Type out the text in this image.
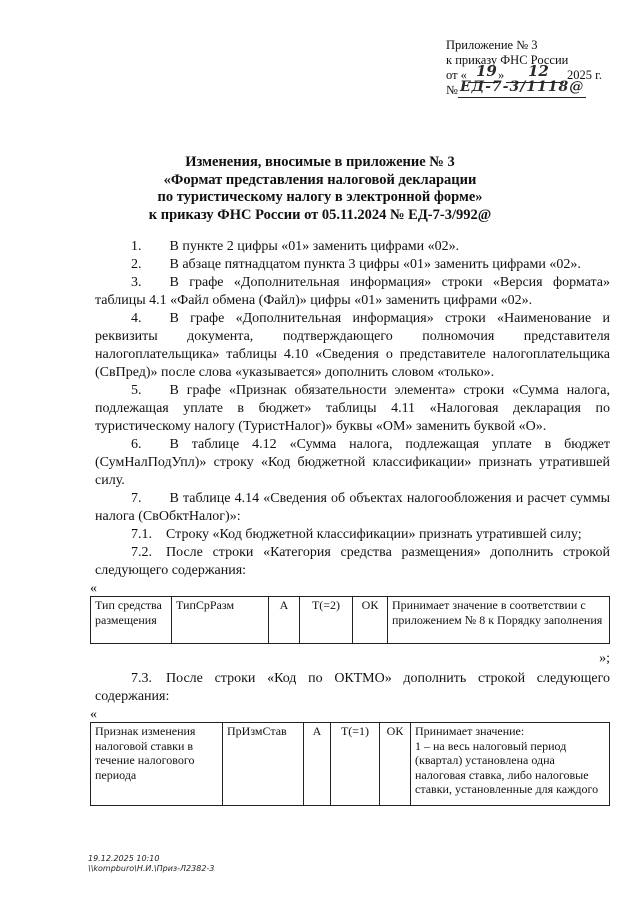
Приложение № 3
к приказу ФНС России
от « 19 » 12 2025 г.
№ ЕД-7-3/1118@
Изменения, вносимые в приложение № 3
«Формат представления налоговой декларации
по туристическому налогу в электронной форме»
к приказу ФНС России от 05.11.2024 № ЕД-7-3/992@

1.  В пункте 2 цифры «01» заменить цифрами «02».

2.  В абзаце пятнадцатом пункта 3 цифры «01» заменить цифрами «02».

3.  В графе «Дополнительная информация» строки «Версия формата» таблицы 4.1 «Файл обмена (Файл)» цифры «01» заменить цифрами «02».

4.  В графе «Дополнительная информация» строки «Наименование и реквизиты документа, подтверждающего полномочия представителя налогоплательщика» таблицы 4.10 «Сведения о представителе налогоплательщика (СвПред)» после слова «указывается» дополнить словом «только».

5.  В графе «Признак обязательности элемента» строки «Сумма налога, подлежащая уплате в бюджет» таблицы 4.11 «Налоговая декларация по туристическому налогу (ТуристНалог)» буквы «ОМ» заменить буквой «О».

6.  В таблице 4.12 «Сумма налога, подлежащая уплате в бюджет (СумНалПодУпл)» строку «Код бюджетной классификации» признать утратившей силу.

7.  В таблице 4.14 «Сведения об объектах налогообложения и расчет суммы налога (СвОбктНалог)»:

7.1. Строку «Код бюджетной классификации» признать утратившей силу;

7.2. После строки «Категория средства размещения» дополнить строкой следующего содержания:

«
Тип средства размещения	ТипСрРазм	А	Т(=2)	ОК	Принимает значение в соответствии с приложением № 8 к Порядку заполнения
»;

7.3. После строки «Код по ОКТМО» дополнить строкой следующего содержания:

«
Признак изменения налоговой ставки в течение налогового периода	ПрИзмСтав	А	Т(=1)	ОК	Принимает значение:
1 – на весь налоговый период (квартал) установлена одна налоговая ставка, либо налоговые ставки, установленные для каждого
19.12.2025 10:10
\\kompburo\Н.И.\Приз-Л2382-3
